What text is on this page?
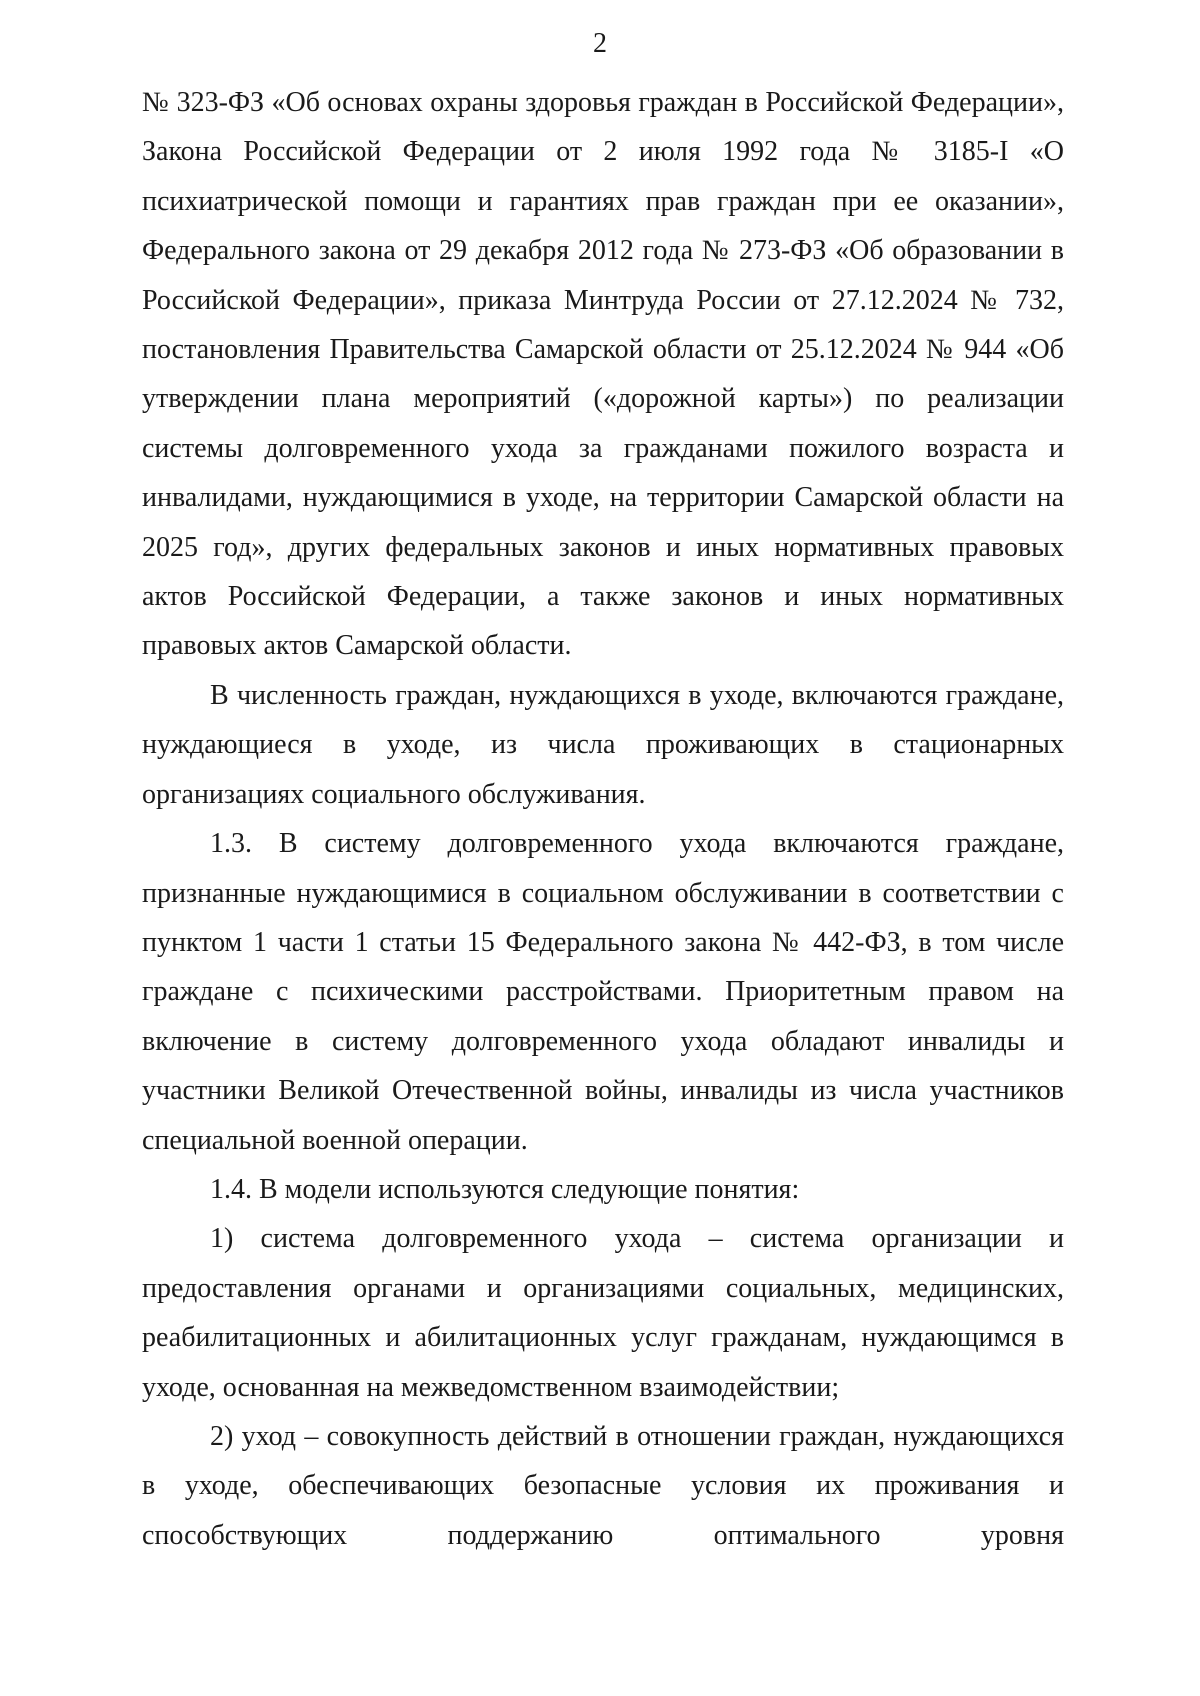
2

№ 323-ФЗ «Об основах охраны здоровья граждан в Российской Федерации», Закона Российской Федерации от 2 июля 1992 года № 3185-I «О психиатрической помощи и гарантиях прав граждан при ее оказании», Федерального закона от 29 декабря 2012 года № 273-ФЗ «Об образовании в Российской Федерации», приказа Минтруда России от 27.12.2024 № 732, постановления Правительства Самарской области от 25.12.2024 № 944 «Об утверждении плана мероприятий («дорожной карты») по реализации системы долговременного ухода за гражданами пожилого возраста и инвалидами, нуждающимися в уходе, на территории Самарской области на 2025 год», других федеральных законов и иных нормативных правовых актов Российской Федерации, а также законов и иных нормативных правовых актов Самарской области.

В численность граждан, нуждающихся в уходе, включаются граждане, нуждающиеся в уходе, из числа проживающих в стационарных организациях социального обслуживания.

1.3. В систему долговременного ухода включаются граждане, признанные нуждающимися в социальном обслуживании в соответствии с пунктом 1 части 1 статьи 15 Федерального закона № 442-ФЗ, в том числе граждане с психическими расстройствами. Приоритетным правом на включение в систему долговременного ухода обладают инвалиды и участники Великой Отечественной войны, инвалиды из числа участников специальной военной операции.

1.4. В модели используются следующие понятия:

1) система долговременного ухода – система организации и предоставления органами и организациями социальных, медицинских, реабилитационных и абилитационных услуг гражданам, нуждающимся в уходе, основанная на межведомственном взаимодействии;

2) уход – совокупность действий в отношении граждан, нуждающихся в уходе, обеспечивающих безопасные условия их проживания и способствующих поддержанию оптимального уровня
